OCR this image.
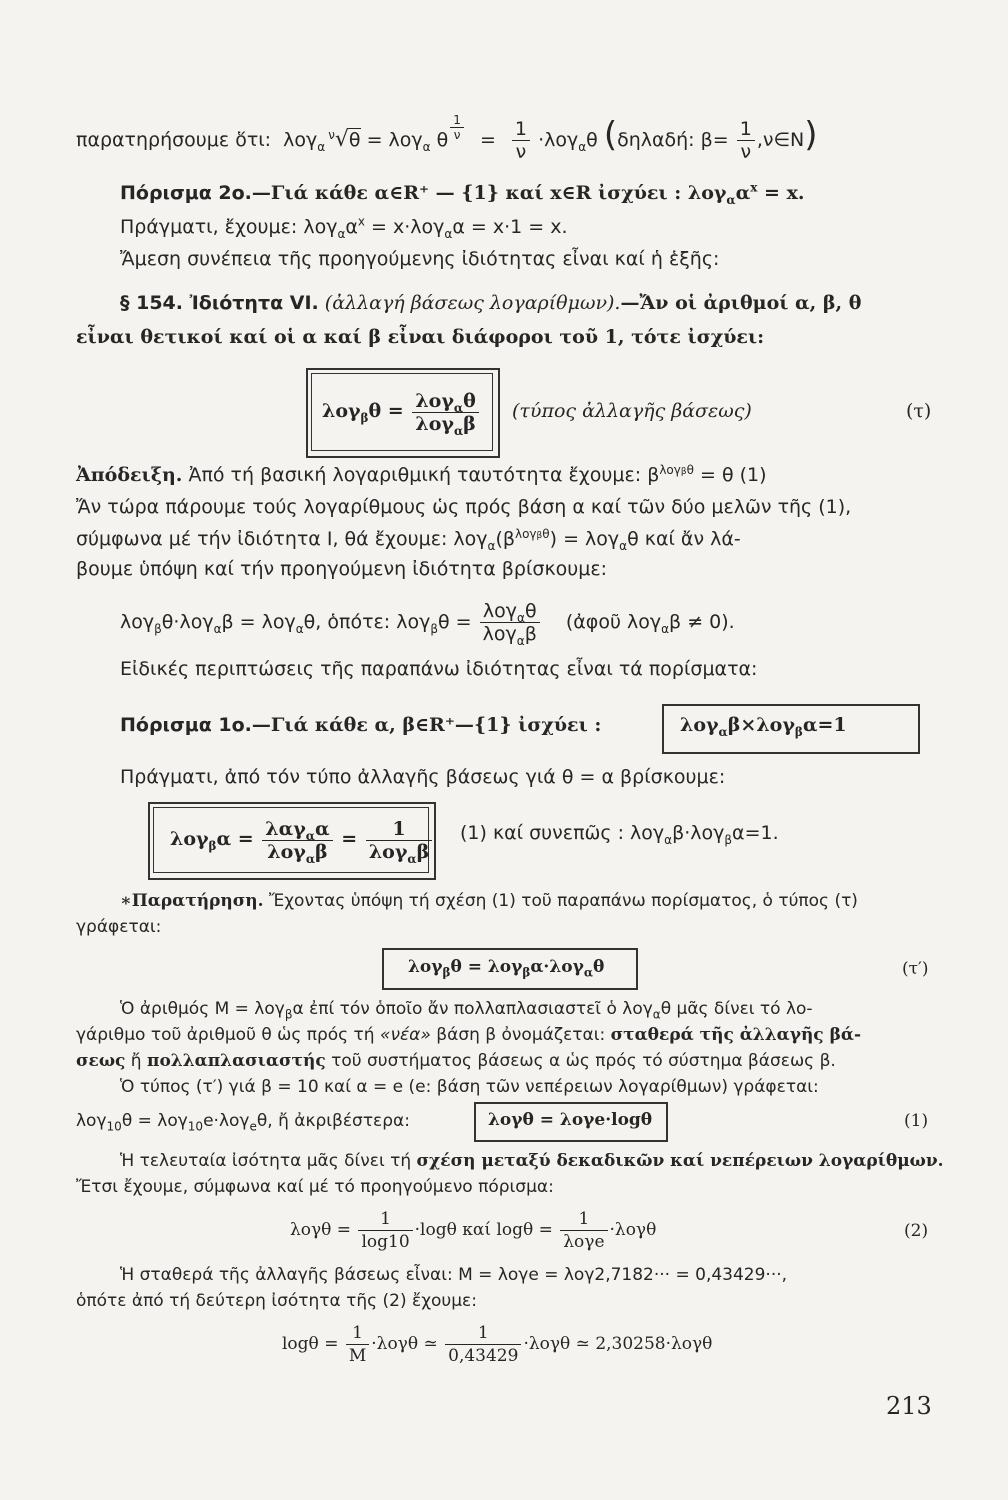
παρατηρήσουμε ὅτι: λογ$_\alpha^\nu$√θ = λογ$_\alpha$ θ $\frac{1}{\nu} = \frac{1}{\nu} \cdot\lambda o\gamma_\alpha\theta$ (δηλαδή: $\beta= \frac{1}{\nu}$ ,ν∈N)
Πόρισμα 2ο.—Γιά κάθε α∈R⁺ — {1} καί x∈R ἰσχύει : $\lambda o\gamma_\alpha\alpha^x = x$.
Πράγματι, ἔχουμε: $\lambda o\gamma_\alpha\alpha^x = x\cdot\lambda o\gamma_\alpha\alpha = x\cdot 1 = x$.
Ἄμεση συνέπεια τῆς προηγούμενης ἰδιότητας εἶναι καί ἡ ἑξῆς:
§ 154. Ἰδιότητα VI. (ἀλλαγή βάσεως λογαρίθμων).—Ἄν οἱ ἀριθμοί α, β, θ
εἶναι θετικοί καί οἱ α καί β εἶναι διάφοροι τοῦ 1, τότε ἰσχύει:
$\lambda o\gamma_\beta\theta = \frac{\lambda o\gamma_\alpha\theta}{\lambda o\gamma_\alpha\beta} (\tau ύ\pi o\varsigma$ ἀλλαγῆς βάσεως)	(τ)
Ἀπόδειξη. Ἀπό τή βασική λογαριθμική ταυτότητα ἔχουμε: $\beta^{\lambda o\gamma\beta\theta} = \theta$ (1)
Ἄν τώρα πάρουμε τούς λογαρίθμους ὡς πρός βάση α καί τῶν δύο μελῶν τῆς (1),
σύμφωνα μέ τήν ἰδιότητα Ι, θά ἔχουμε: $\lambda o\gamma_\alpha(\beta^{\lambda o\gamma\beta\theta}) = \lambda o\gamma_\alpha\theta$ καί ἄν λά-
βουμε ὑπόψη καί τήν προηγούμενη ἰδιότητα βρίσκουμε:
λογ$_\beta$θ·λογ$_\alpha$β = λογ$_\alpha$θ, ὁπότε: $\lambda o\gamma_\beta\theta = \frac{\lambda o\gamma_\alpha\theta}{\lambda o\gamma_\alpha\beta}$ (ἀφοῦ λογ$_\alpha$β ≠ 0).
Εἰδικές περιπτώσεις τῆς παραπάνω ἰδιότητας εἶναι τά πορίσματα:
Πόρισμα 1ο.—Γιά κάθε α, β∈R⁺—{1} ἰσχύει :	λογ$_\alpha$β×λογ$_\beta$α=1
Πράγματι, ἀπό τόν τύπο ἀλλαγῆς βάσεως γιά θ = α βρίσκουμε:
$\lambda o\gamma_\beta\alpha = \frac{\lambda\alpha\gamma_\alpha\alpha}{\lambda o\gamma_\alpha\beta} = \frac{1}{\lambda o\gamma_\alpha\beta} (1)$ καί συνεπῶς : λογ$_\alpha$β·λογ$_\beta$α=1.
∗Παρατήρηση. Ἔχοντας ὑπόψη τή σχέση (1) τοῦ παραπάνω πορίσματος, ὁ τύπος (τ)
γράφεται:
λογ$_\beta$θ = λογ$_\beta$α·λογ$_\alpha$θ	(τ′)
Ὁ ἀριθμός Μ = λογ$_\beta$α ἐπί τόν ὁποῖο ἄν πολλαπλασιαστεῖ ὁ λογ$_\alpha$θ μᾶς δίνει τό λο-
γάριθμο τοῦ ἀριθμοῦ θ ὡς πρός τή «νέα» βάση β ὀνομάζεται: σταθερά τῆς ἀλλαγῆς βά-
σεως ἤ πολλαπλασιαστής τοῦ συστήματος βάσεως α ὡς πρός τό σύστημα βάσεως β.
Ὁ τύπος (τ′) γιά β = 10 καί α = e (e: βάση τῶν νεπέρειων λογαρίθμων) γράφεται:
λογ$_{10}$θ = λογ$_{10}$e·λογ$_e$θ, ἤ ἀκριβέστερα:	λογθ = λογe·logθ	(1)
Ἡ τελευταία ἰσότητα μᾶς δίνει τή σχέση μεταξύ δεκαδικῶν καί νεπέρειων λογαρίθμων.
Ἔτσι ἔχουμε, σύμφωνα καί μέ τό προηγούμενο πόρισμα:
$\lambda o\gamma\theta = \frac{1}{\log 10} \cdot\log\theta$ καί $\log\theta = \frac{1}{\text{λογe}} \cdot\lambda o\gamma\theta$	(2)
Ἡ σταθερά τῆς ἀλλαγῆς βάσεως εἶναι: Μ = λογe = λογ2,7182··· = 0,43429···,
ὁπότε ἀπό τή δεύτερη ἰσότητα τῆς (2) ἔχουμε:
$\log\theta = \frac{1}{M} \cdot\lambda o\gamma\theta$ ≃ $\frac{1}{0,43429} \cdot\lambda o\gamma\theta$ ≃ 2,30258·λογθ
213
